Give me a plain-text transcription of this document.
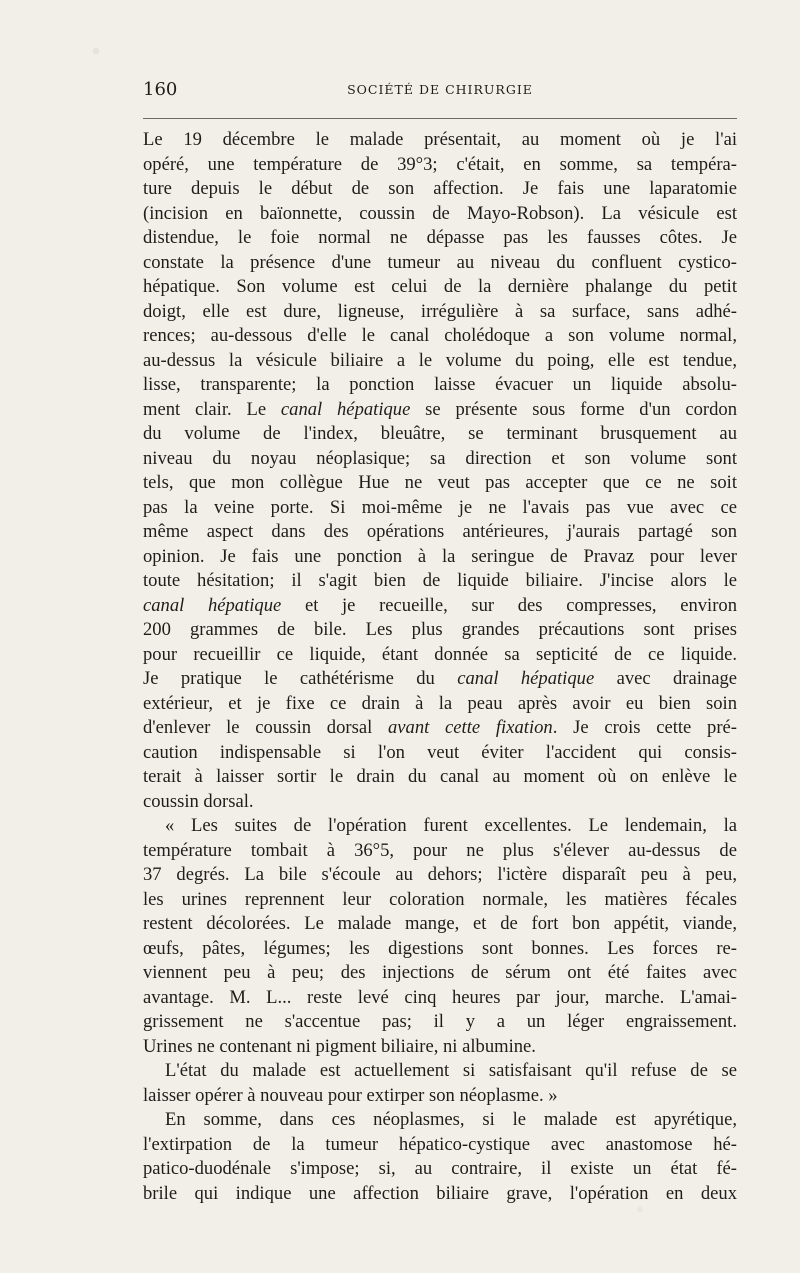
160	SOCIÉTÉ DE CHIRURGIE
Le 19 décembre le malade présentait, au moment où je l'ai
opéré, une température de 39°3; c'était, en somme, sa tempéra-
ture depuis le début de son affection. Je fais une laparatomie
(incision en baïonnette, coussin de Mayo-Robson). La vésicule est
distendue, le foie normal ne dépasse pas les fausses côtes. Je
constate la présence d'une tumeur au niveau du confluent cystico-
hépatique. Son volume est celui de la dernière phalange du petit
doigt, elle est dure, ligneuse, irrégulière à sa surface, sans adhé-
rences; au-dessous d'elle le canal cholédoque a son volume normal,
au-dessus la vésicule biliaire a le volume du poing, elle est tendue,
lisse, transparente; la ponction laisse évacuer un liquide absolu-
ment clair. Le canal hépatique se présente sous forme d'un cordon
du volume de l'index, bleuâtre, se terminant brusquement au
niveau du noyau néoplasique; sa direction et son volume sont
tels, que mon collègue Hue ne veut pas accepter que ce ne soit
pas la veine porte. Si moi-même je ne l'avais pas vue avec ce
même aspect dans des opérations antérieures, j'aurais partagé son
opinion. Je fais une ponction à la seringue de Pravaz pour lever
toute hésitation; il s'agit bien de liquide biliaire. J'incise alors le
canal hépatique et je recueille, sur des compresses, environ
200 grammes de bile. Les plus grandes précautions sont prises
pour recueillir ce liquide, étant donnée sa septicité de ce liquide.
Je pratique le cathétérisme du canal hépatique avec drainage
extérieur, et je fixe ce drain à la peau après avoir eu bien soin
d'enlever le coussin dorsal avant cette fixation. Je crois cette pré-
caution indispensable si l'on veut éviter l'accident qui consis-
terait à laisser sortir le drain du canal au moment où on enlève le
coussin dorsal.
« Les suites de l'opération furent excellentes. Le lendemain, la
température tombait à 36°5, pour ne plus s'élever au-dessus de
37 degrés. La bile s'écoule au dehors; l'ictère disparaît peu à peu,
les urines reprennent leur coloration normale, les matières fécales
restent décolorées. Le malade mange, et de fort bon appétit, viande,
œufs, pâtes, légumes; les digestions sont bonnes. Les forces re-
viennent peu à peu; des injections de sérum ont été faites avec
avantage. M. L... reste levé cinq heures par jour, marche. L'amai-
grissement ne s'accentue pas; il y a un léger engraissement.
Urines ne contenant ni pigment biliaire, ni albumine.
L'état du malade est actuellement si satisfaisant qu'il refuse de se
laisser opérer à nouveau pour extirper son néoplasme. »
En somme, dans ces néoplasmes, si le malade est apyrétique,
l'extirpation de la tumeur hépatico-cystique avec anastomose hé-
patico-duodénale s'impose; si, au contraire, il existe un état fé-
brile qui indique une affection biliaire grave, l'opération en deux
